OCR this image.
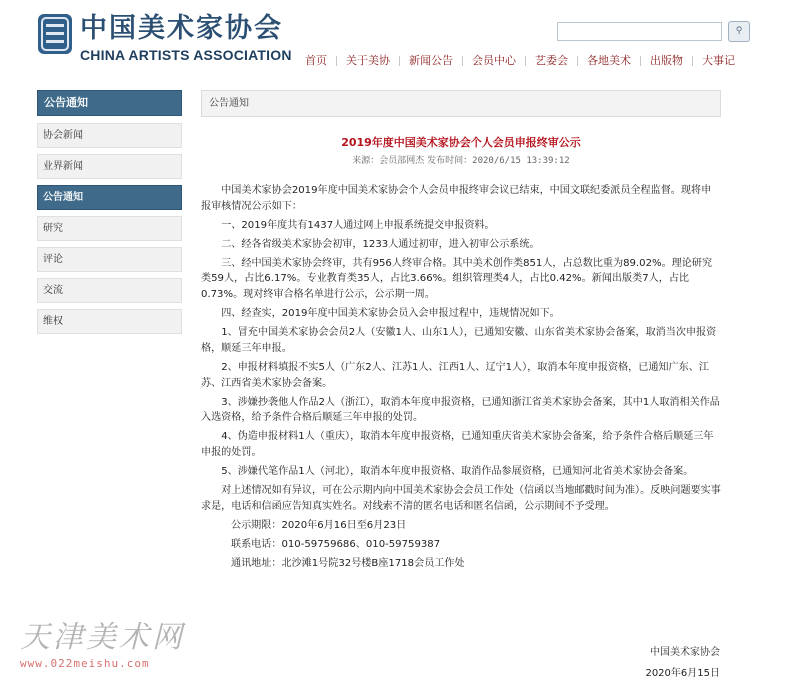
中国美术家协会
CHINA ARTISTS ASSOCIATION
⚲
首页	关于美协	新闻公告	会员中心	艺委会	各地美术	出版物	大事记
公告通知
协会新闻
业界新闻
公告通知
研究
评论
交流
维权
公告通知
2019年度中国美术家协会个人会员申报终审公示
来源：会员部网杰 发布时间：2020/6/15 13:39:12

中国美术家协会2019年度中国美术家协会个人会员申报终审会议已结束，中国文联纪委派员全程监督。现将申报审核情况公示如下：

一、2019年度共有1437人通过网上申报系统提交申报资料。

二、经各省级美术家协会初审，1233人通过初审，进入初审公示系统。

三、经中国美术家协会终审，共有956人终审合格。其中美术创作类851人，占总数比重为89.02%。理论研究类59人，占比6.17%。专业教育类35人，占比3.66%。组织管理类4人，占比0.42%。新闻出版类7人，占比0.73%。现对终审合格名单进行公示，公示期一周。

四、经查实，2019年度中国美术家协会员入会申报过程中，违规情况如下。

1、冒充中国美术家协会会员2人（安徽1人、山东1人），已通知安徽、山东省美术家协会备案，取消当次申报资格，顺延三年申报。

2、申报材料填报不实5人（广东2人、江苏1人、江西1人、辽宁1人），取消本年度申报资格，已通知广东、江苏、江西省美术家协会备案。

3、涉嫌抄袭他人作品2人（浙江），取消本年度申报资格，已通知浙江省美术家协会备案，其中1人取消相关作品入选资格，给予条件合格后顺延三年申报的处罚。

4、伪造申报材料1人（重庆），取消本年度申报资格，已通知重庆省美术家协会备案，给予条件合格后顺延三年申报的处罚。

5、涉嫌代笔作品1人（河北），取消本年度申报资格、取消作品参展资格，已通知河北省美术家协会备案。

对上述情况如有异议，可在公示期内向中国美术家协会会员工作处（信函以当地邮戳时间为准）。反映问题要实事求是，电话和信函应告知真实姓名。对线索不清的匿名电话和匿名信函，公示期间不予受理。

公示期限：2020年6月16日至6月23日

联系电话：010-59759686、010-59759387

通讯地址：北沙滩1号院32号楼B座1718会员工作处

中国美术家协会
2020年6月15日
天津美术网
www.022meishu.com
